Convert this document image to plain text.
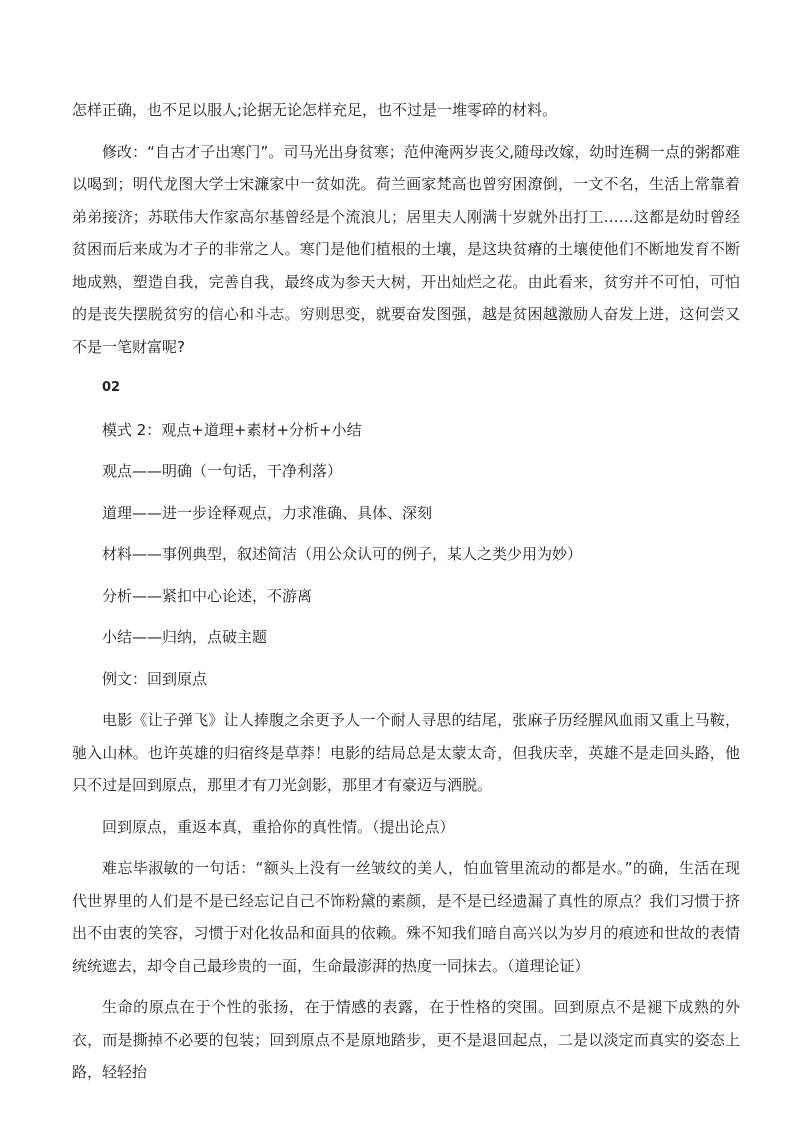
怎样正确，也不足以服人;论据无论怎样充足，也不过是一堆零碎的材料。

修改：“自古才子出寒门”。司马光出身贫寒；范仲淹两岁丧父,随母改嫁，幼时连稠一点的粥都难以喝到；明代龙图大学士宋濂家中一贫如洗。荷兰画家梵高也曾穷困潦倒，一文不名，生活上常靠着弟弟接济；苏联伟大作家高尔基曾经是个流浪儿；居里夫人刚满十岁就外出打工……这都是幼时曾经贫困而后来成为才子的非常之人。寒门是他们植根的土壤，是这块贫瘠的土壤使他们不断地发育不断地成熟，塑造自我，完善自我，最终成为参天大树，开出灿烂之花。由此看来，贫穷并不可怕，可怕的是丧失摆脱贫穷的信心和斗志。穷则思变，就要奋发图强，越是贫困越激励人奋发上进，这何尝又不是一笔财富呢?

02

模式 2：观点+道理+素材+分析+小结

观点——明确（一句话，干净利落）

道理——进一步诠释观点，力求准确、具体、深刻

材料——事例典型，叙述简洁（用公众认可的例子，某人之类少用为妙）

分析——紧扣中心论述，不游离

小结——归纳，点破主题

例文：回到原点

电影《让子弹飞》让人捧腹之余更予人一个耐人寻思的结尾，张麻子历经腥风血雨又重上马鞍，驰入山林。也许英雄的归宿终是草莽！电影的结局总是太蒙太奇，但我庆幸，英雄不是走回头路，他只不过是回到原点，那里才有刀光剑影，那里才有豪迈与洒脱。

回到原点，重返本真，重拾你的真性情。（提出论点）

难忘毕淑敏的一句话：“额头上没有一丝皱纹的美人，怕血管里流动的都是水。”的确，生活在现代世界里的人们是不是已经忘记自己不饰粉黛的素颜，是不是已经遗漏了真性的原点？我们习惯于挤出不由衷的笑容，习惯于对化妆品和面具的依赖。殊不知我们暗自高兴以为岁月的痕迹和世故的表情统统遮去，却令自己最珍贵的一面，生命最澎湃的热度一同抹去。（道理论证）

生命的原点在于个性的张扬，在于情感的表露，在于性格的突围。回到原点不是褪下成熟的外衣，而是撕掉不必要的包装；回到原点不是原地踏步，更不是退回起点，二是以淡定而真实的姿态上路，轻轻抬
